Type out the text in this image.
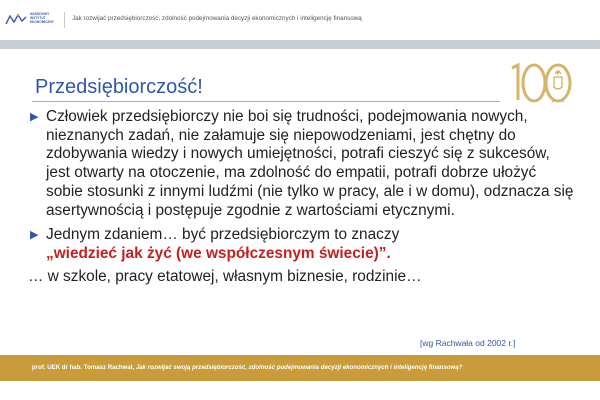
NARODOWY
INSTYTUT
EKONOMICZNY	Jak rozwijać przedsiębiorczość, zdolność podejmowania decyzji ekonomicznych i inteligencję finansową
Przedsiębiorczość!
▶ Człowiek przedsiębiorczy nie boi się trudności, podejmowania nowych, nieznanych zadań, nie załamuje się niepowodzeniami, jest chętny do zdobywania wiedzy i nowych umiejętności, potrafi cieszyć się z sukcesów, jest otwarty na otoczenie, ma zdolność do empatii, potrafi dobrze ułożyć sobie stosunki z innymi ludźmi (nie tylko w pracy, ale i w domu), odznacza się asertywnością i postępuje zgodnie z wartościami etycznymi.
▶ Jednym zdaniem… być przedsiębiorczym to znaczy
„wiedzieć jak żyć (we współczesnym świecie)”.
… w szkole, pracy etatowej, własnym biznesie, rodzinie…
[wg Rachwała od 2002 r.]
prof. UEK dr hab. Tomasz Rachwał, Jak rozwijać swoją przedsiębiorczość, zdolność podejmowania decyzji ekonomicznych i inteligencję finansową?
